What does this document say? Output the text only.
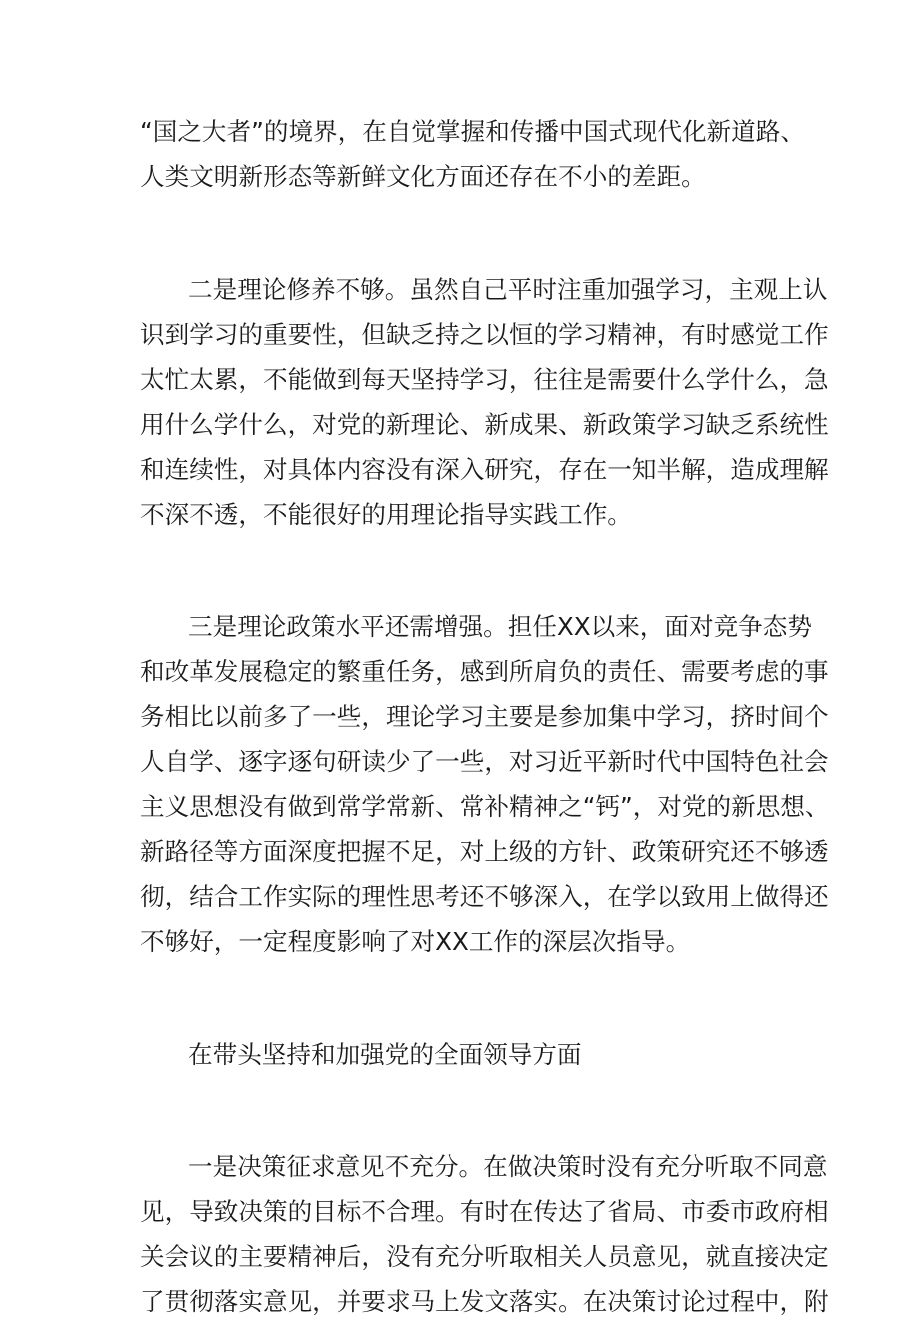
“国之大者”的境界，在自觉掌握和传播中国式现代化新道路、
人类文明新形态等新鲜文化方面还存在不小的差距。
二是理论修养不够。虽然自己平时注重加强学习，主观上认
识到学习的重要性，但缺乏持之以恒的学习精神，有时感觉工作
太忙太累，不能做到每天坚持学习，往往是需要什么学什么，急
用什么学什么，对党的新理论、新成果、新政策学习缺乏系统性
和连续性，对具体内容没有深入研究，存在一知半解，造成理解
不深不透，不能很好的用理论指导实践工作。
三是理论政策水平还需增强。担任XX以来，面对竞争态势
和改革发展稳定的繁重任务，感到所肩负的责任、需要考虑的事
务相比以前多了一些，理论学习主要是参加集中学习，挤时间个
人自学、逐字逐句研读少了一些，对习近平新时代中国特色社会
主义思想没有做到常学常新、常补精神之“钙”，对党的新思想、
新路径等方面深度把握不足，对上级的方针、政策研究还不够透
彻，结合工作实际的理性思考还不够深入，在学以致用上做得还
不够好，一定程度影响了对XX工作的深层次指导。
在带头坚持和加强党的全面领导方面
一是决策征求意见不充分。在做决策时没有充分听取不同意
见，导致决策的目标不合理。有时在传达了省局、市委市政府相
关会议的主要精神后，没有充分听取相关人员意见，就直接决定
了贯彻落实意见，并要求马上发文落实。在决策讨论过程中，附
